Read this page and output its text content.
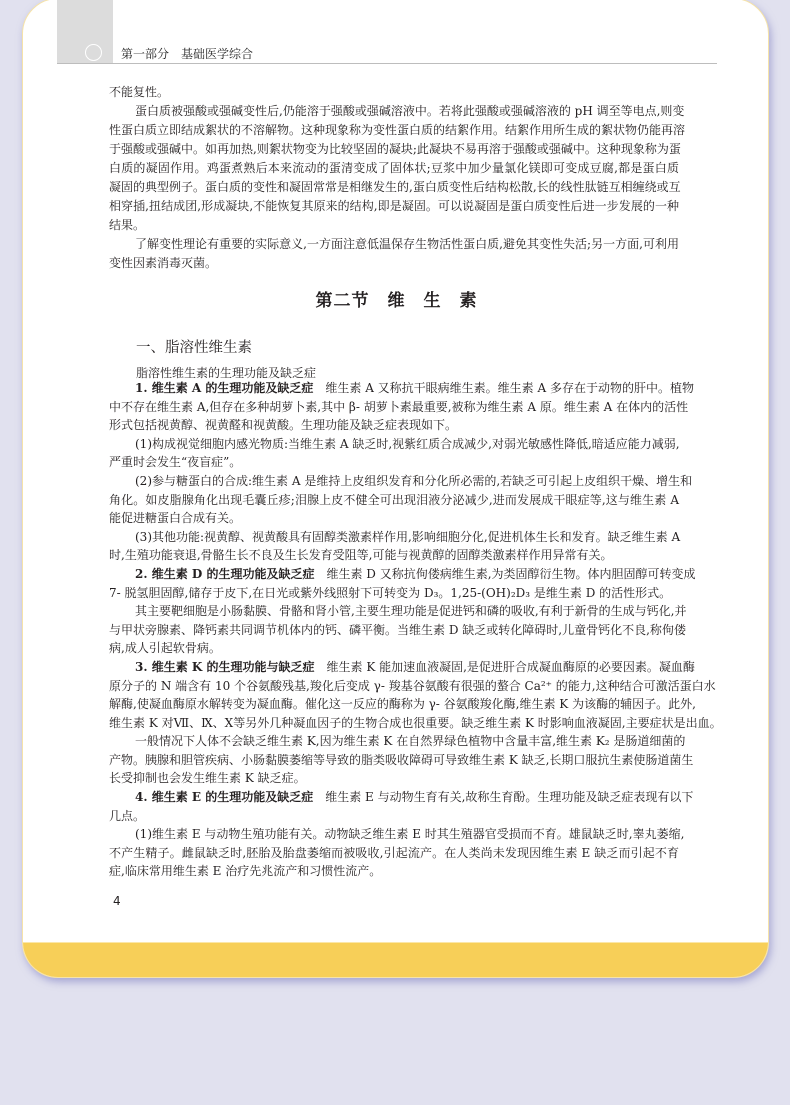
第一部分　基础医学综合
不能复性。
蛋白质被强酸或强碱变性后,仍能溶于强酸或强碱溶液中。若将此强酸或强碱溶液的 pH 调至等电点,则变
性蛋白质立即结成絮状的不溶解物。这种现象称为变性蛋白质的结絮作用。结絮作用所生成的絮状物仍能再溶
于强酸或强碱中。如再加热,则絮状物变为比较坚固的凝块;此凝块不易再溶于强酸或强碱中。这种现象称为蛋
白质的凝固作用。鸡蛋煮熟后本来流动的蛋清变成了固体状;豆浆中加少量氯化镁即可变成豆腐,都是蛋白质
凝固的典型例子。蛋白质的变性和凝固常常是相继发生的,蛋白质变性后结构松散,长的线性肽链互相缠绕或互
相穿插,扭结成团,形成凝块,不能恢复其原来的结构,即是凝固。可以说凝固是蛋白质变性后进一步发展的一种
结果。
了解变性理论有重要的实际意义,一方面注意低温保存生物活性蛋白质,避免其变性失活;另一方面,可利用
变性因素消毒灭菌。
第二节　维　生　素
一、脂溶性维生素
脂溶性维生素的生理功能及缺乏症
1. 维生素 A 的生理功能及缺乏症　维生素 A 又称抗干眼病维生素。维生素 A 多存在于动物的肝中。植物
中不存在维生素 A,但存在多种胡萝卜素,其中 β- 胡萝卜素最重要,被称为维生素 A 原。维生素 A 在体内的活性
形式包括视黄醇、视黄醛和视黄酸。生理功能及缺乏症表现如下。
(1)构成视觉细胞内感光物质:当维生素 A 缺乏时,视紫红质合成减少,对弱光敏感性降低,暗适应能力减弱,
严重时会发生“夜盲症”。
(2)参与糖蛋白的合成:维生素 A 是维持上皮组织发育和分化所必需的,若缺乏可引起上皮组织干燥、增生和
角化。如皮脂腺角化出现毛囊丘疹;泪腺上皮不健全可出现泪液分泌减少,进而发展成干眼症等,这与维生素 A
能促进糖蛋白合成有关。
(3)其他功能:视黄醇、视黄酸具有固醇类激素样作用,影响细胞分化,促进机体生长和发育。缺乏维生素 A
时,生殖功能衰退,骨骼生长不良及生长发育受阻等,可能与视黄醇的固醇类激素样作用异常有关。
2. 维生素 D 的生理功能及缺乏症　维生素 D 又称抗佝偻病维生素,为类固醇衍生物。体内胆固醇可转变成
7- 脱氢胆固醇,储存于皮下,在日光或紫外线照射下可转变为 D₃。1,25-(OH)₂D₃ 是维生素 D 的活性形式。
其主要靶细胞是小肠黏膜、骨骼和肾小管,主要生理功能是促进钙和磷的吸收,有利于新骨的生成与钙化,并
与甲状旁腺素、降钙素共同调节机体内的钙、磷平衡。当维生素 D 缺乏或转化障碍时,儿童骨钙化不良,称佝偻
病,成人引起软骨病。
3. 维生素 K 的生理功能与缺乏症　维生素 K 能加速血液凝固,是促进肝合成凝血酶原的必要因素。凝血酶
原分子的 N 端含有 10 个谷氨酸残基,羧化后变成 γ- 羧基谷氨酸有很强的螯合 Ca²⁺ 的能力,这种结合可激活蛋白水
解酶,使凝血酶原水解转变为凝血酶。催化这一反应的酶称为 γ- 谷氨酸羧化酶,维生素 K 为该酶的辅因子。此外,
维生素 K 对Ⅶ、Ⅸ、Ⅹ等另外几种凝血因子的生物合成也很重要。缺乏维生素 K 时影响血液凝固,主要症状是出血。
一般情况下人体不会缺乏维生素 K,因为维生素 K 在自然界绿色植物中含量丰富,维生素 K₂ 是肠道细菌的
产物。胰腺和胆管疾病、小肠黏膜萎缩等导致的脂类吸收障碍可导致维生素 K 缺乏,长期口服抗生素使肠道菌生
长受抑制也会发生维生素 K 缺乏症。
4. 维生素 E 的生理功能及缺乏症　维生素 E 与动物生育有关,故称生育酚。生理功能及缺乏症表现有以下
几点。
(1)维生素 E 与动物生殖功能有关。动物缺乏维生素 E 时其生殖器官受损而不育。雄鼠缺乏时,睾丸萎缩,
不产生精子。雌鼠缺乏时,胚胎及胎盘萎缩而被吸收,引起流产。在人类尚未发现因维生素 E 缺乏而引起不育
症,临床常用维生素 E 治疗先兆流产和习惯性流产。
4
